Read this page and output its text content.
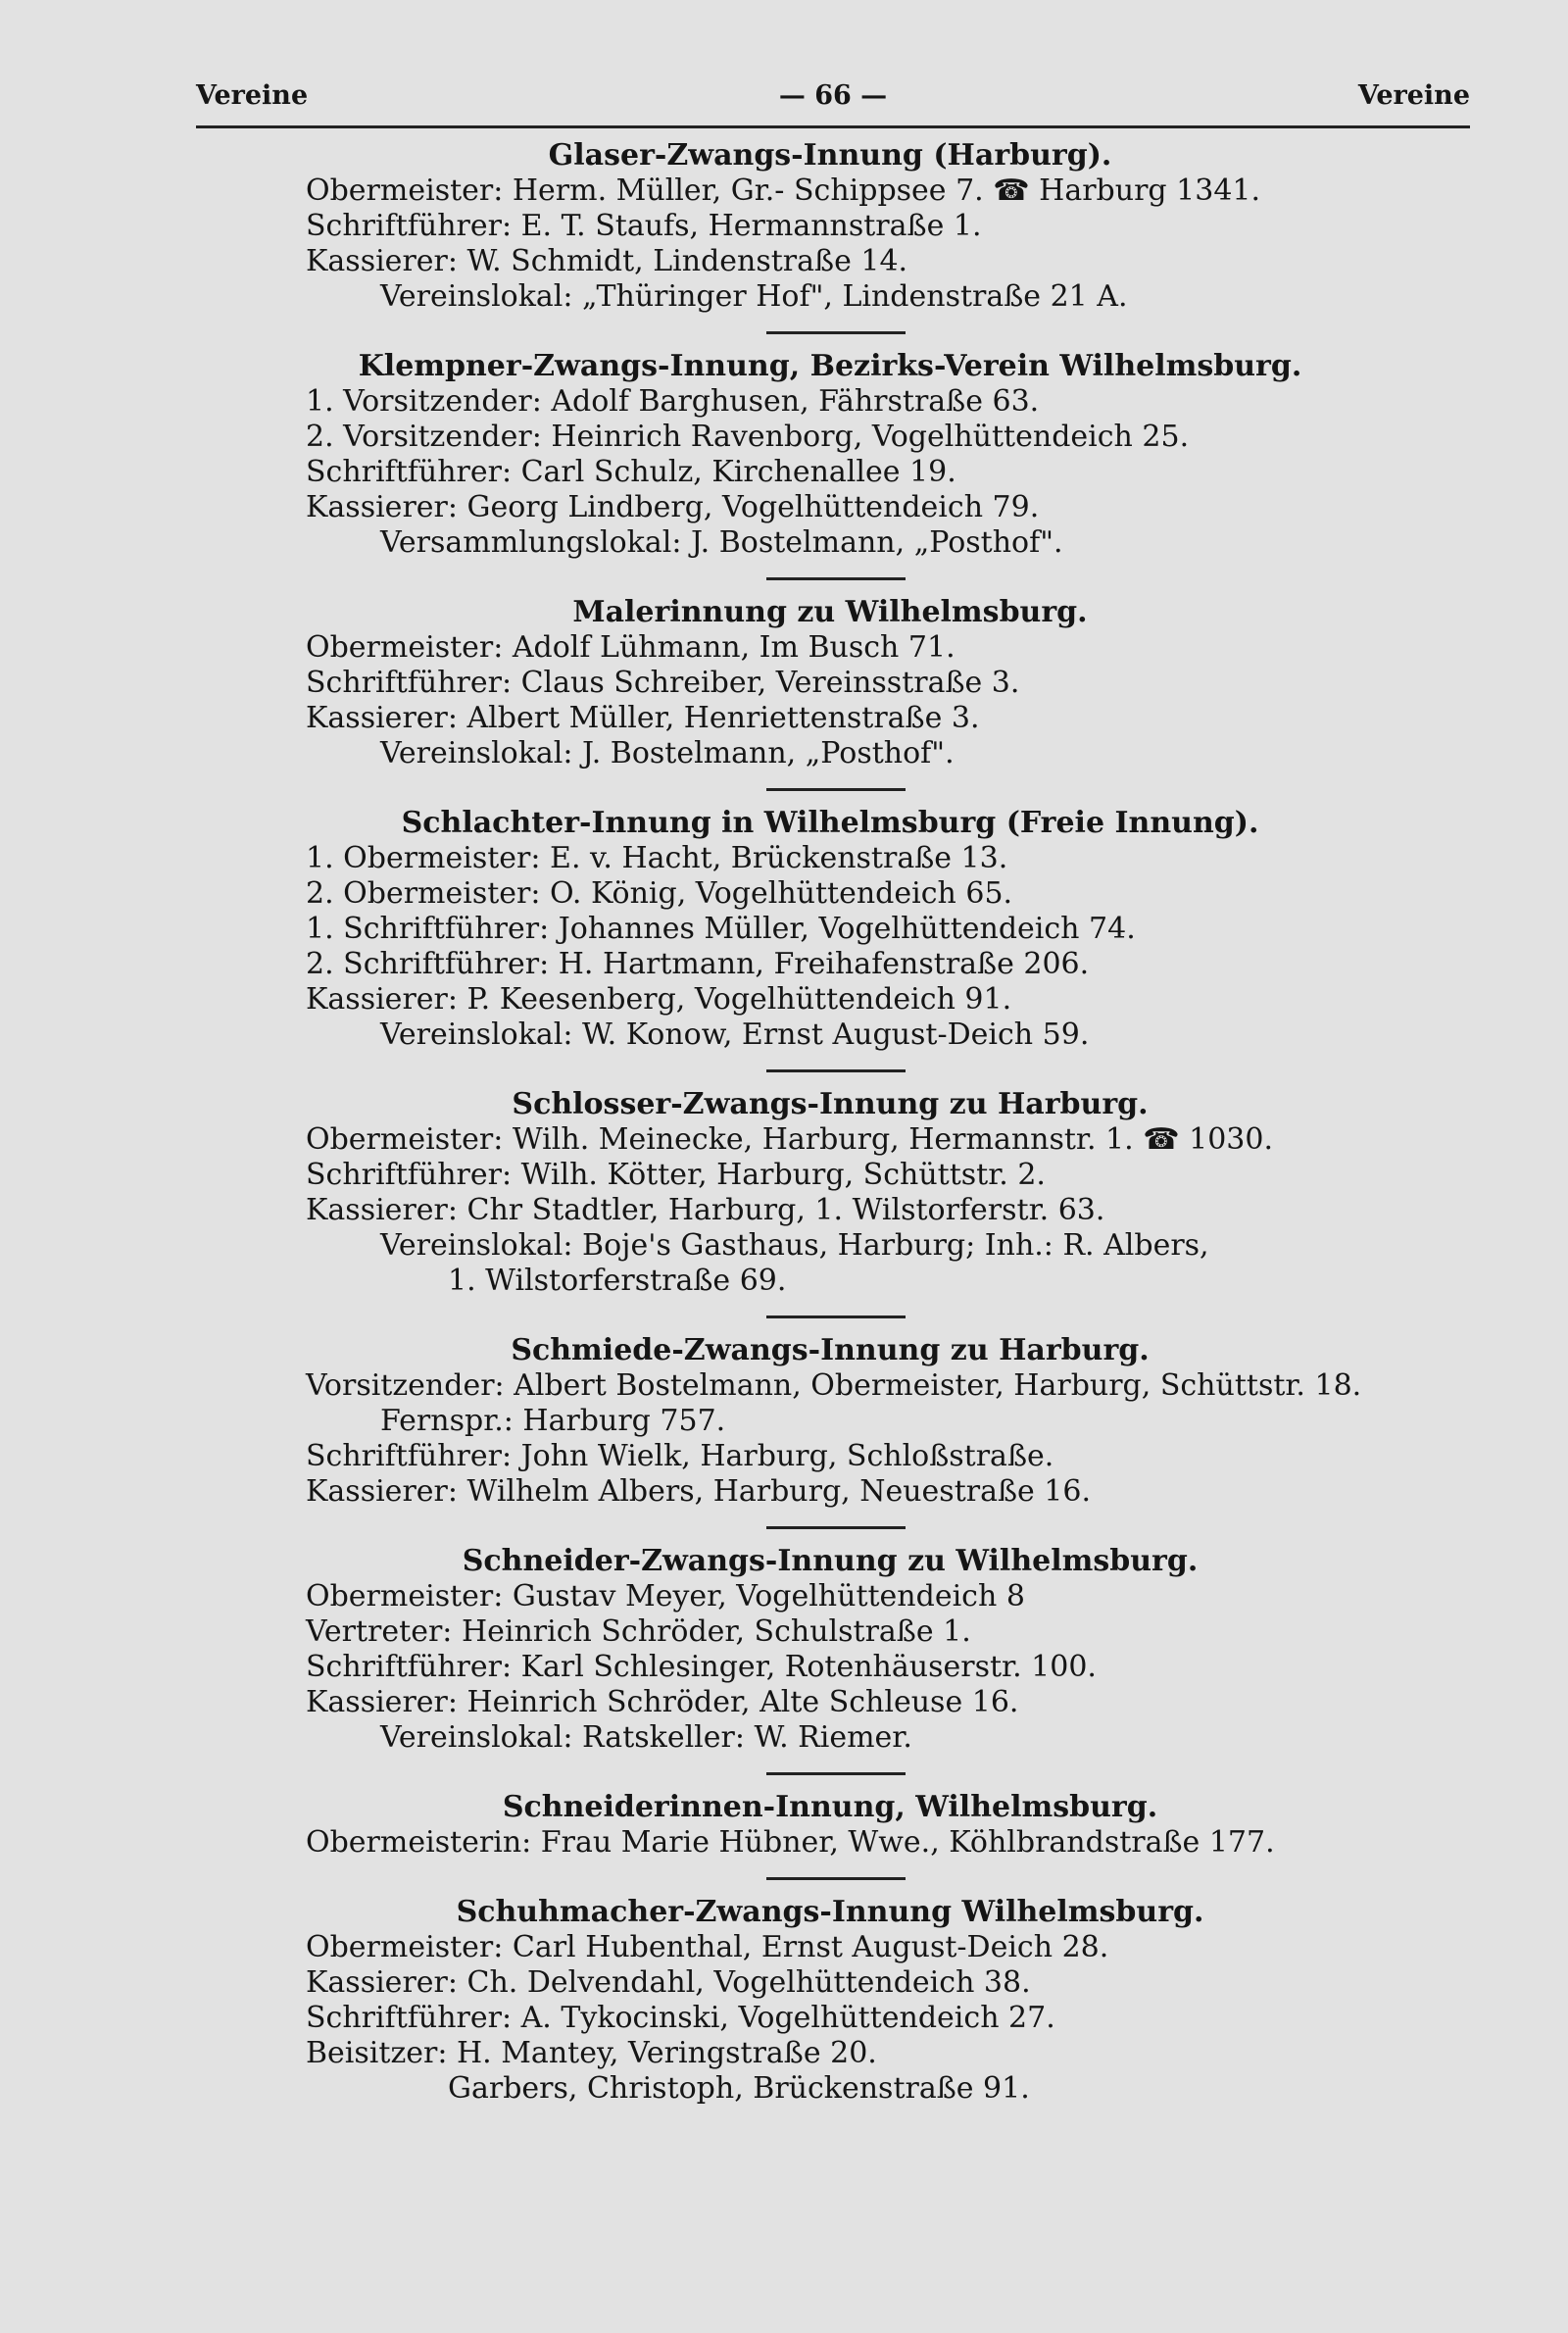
Vereine	— 66 —	Vereine
Glaser-Zwangs-Innung (Harburg).
Obermeister: Herm. Müller, Gr.- Schippsee 7. ☎ Harburg 1341.
Schriftführer: E. T. Staufs, Hermannstraße 1.
Kassierer: W. Schmidt, Lindenstraße 14.
Vereinslokal: „Thüringer Hof", Lindenstraße 21 A.
Klempner-Zwangs-Innung, Bezirks-Verein Wilhelmsburg.
1. Vorsitzender: Adolf Barghusen, Fährstraße 63.
2. Vorsitzender: Heinrich Ravenborg, Vogelhüttendeich 25.
Schriftführer: Carl Schulz, Kirchenallee 19.
Kassierer: Georg Lindberg, Vogelhüttendeich 79.
Versammlungslokal: J. Bostelmann, „Posthof".
Malerinnung zu Wilhelmsburg.
Obermeister: Adolf Lühmann, Im Busch 71.
Schriftführer: Claus Schreiber, Vereinsstraße 3.
Kassierer: Albert Müller, Henriettenstraße 3.
Vereinslokal: J. Bostelmann, „Posthof".
Schlachter-Innung in Wilhelmsburg (Freie Innung).
1. Obermeister: E. v. Hacht, Brückenstraße 13.
2. Obermeister: O. König, Vogelhüttendeich 65.
1. Schriftführer: Johannes Müller, Vogelhüttendeich 74.
2. Schriftführer: H. Hartmann, Freihafenstraße 206.
Kassierer: P. Keesenberg, Vogelhüttendeich 91.
Vereinslokal: W. Konow, Ernst August-Deich 59.
Schlosser-Zwangs-Innung zu Harburg.
Obermeister: Wilh. Meinecke, Harburg, Hermannstr. 1. ☎ 1030.
Schriftführer: Wilh. Kötter, Harburg, Schüttstr. 2.
Kassierer: Chr Stadtler, Harburg, 1. Wilstorferstr. 63.
Vereinslokal: Boje's Gasthaus, Harburg; Inh.: R. Albers,
1. Wilstorferstraße 69.
Schmiede-Zwangs-Innung zu Harburg.
Vorsitzender: Albert Bostelmann, Obermeister, Harburg, Schüttstr. 18.
Fernspr.: Harburg 757.
Schriftführer: John Wielk, Harburg, Schloßstraße.
Kassierer: Wilhelm Albers, Harburg, Neuestraße 16.
Schneider-Zwangs-Innung zu Wilhelmsburg.
Obermeister: Gustav Meyer, Vogelhüttendeich 8
Vertreter: Heinrich Schröder, Schulstraße 1.
Schriftführer: Karl Schlesinger, Rotenhäuserstr. 100.
Kassierer: Heinrich Schröder, Alte Schleuse 16.
Vereinslokal: Ratskeller: W. Riemer.
Schneiderinnen-Innung, Wilhelmsburg.
Obermeisterin: Frau Marie Hübner, Wwe., Köhlbrandstraße 177.
Schuhmacher-Zwangs-Innung Wilhelmsburg.
Obermeister: Carl Hubenthal, Ernst August-Deich 28.
Kassierer: Ch. Delvendahl, Vogelhüttendeich 38.
Schriftführer: A. Tykocinski, Vogelhüttendeich 27.
Beisitzer: H. Mantey, Veringstraße 20.
Garbers, Christoph, Brückenstraße 91.
